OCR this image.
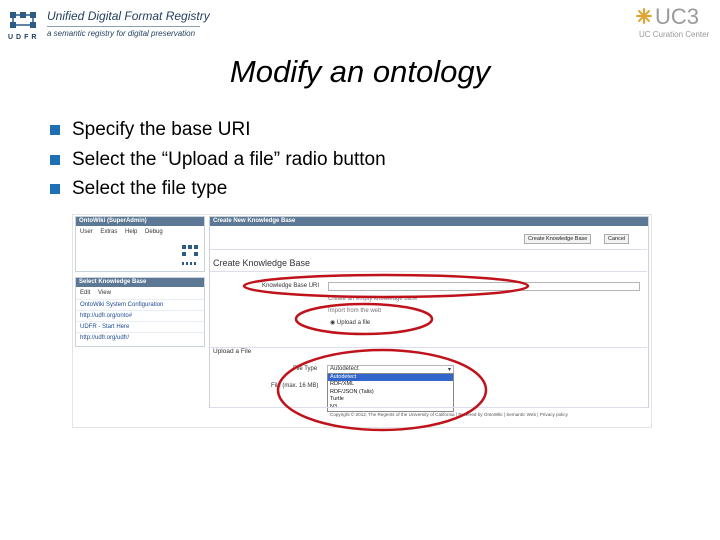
UDFR
Unified Digital Format Registry
a semantic registry for digital preservation
UC3
UC Curation Center
Modify an ontology
Specify the base URI
Select the “Upload a file” radio button
Select the file type
OntoWiki (SuperAdmin)
User Extras Help Debug
Select Knowledge Base
Edit View
OntoWiki System Configuration
http://udfr.org/onto#
UDFR - Start Here
http://udfr.org/udfr/
Create New Knowledge Base
Create Knowledge Base	Cancel
Create Knowledge Base
Knowledge Base URI
Create an empty knowledge base
Import from the web
◉ Upload a file
Upload a File
File Type Autodetect	▾
File (max. 16 MB)
Autodetect
RDF/XML
RDF/JSON (Talis)
Turtle
Copyright © 2012, The Regents of the University of California | Powered by OntoWiki | Semantic Web | Privacy policy
